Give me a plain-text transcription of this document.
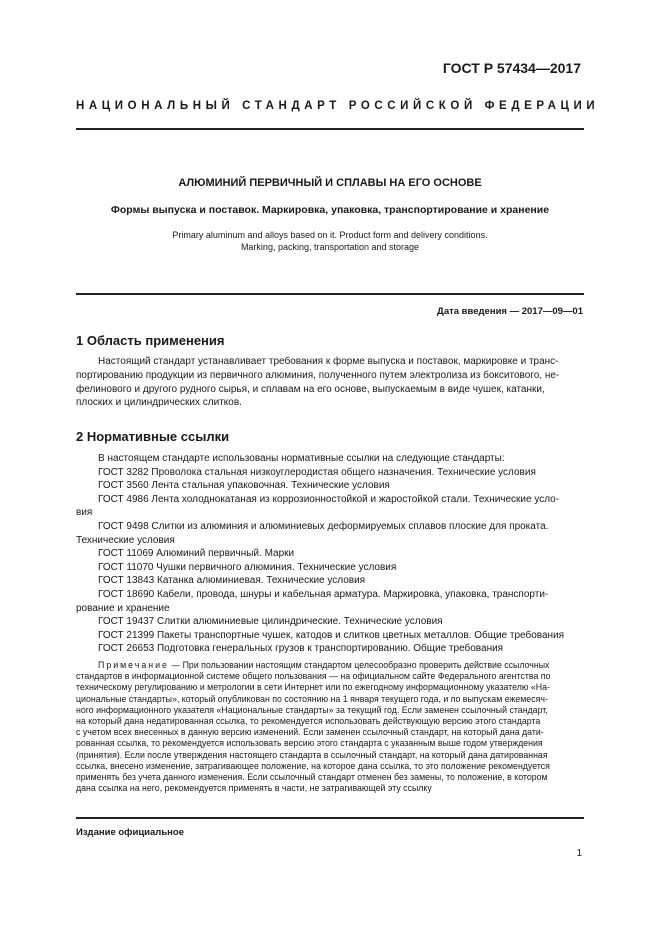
ГОСТ Р 57434—2017
НАЦИОНАЛЬНЫЙ СТАНДАРТ РОССИЙСКОЙ ФЕДЕРАЦИИ
АЛЮМИНИЙ ПЕРВИЧНЫЙ И СПЛАВЫ НА ЕГО ОСНОВЕ
Формы выпуска и поставок. Маркировка, упаковка, транспортирование и хранение
Primary aluminum and alloys based on it. Product form and delivery conditions.
Marking, packing, transportation and storage
Дата введения — 2017—09—01
1 Область применения
Настоящий стандарт устанавливает требования к форме выпуска и поставок, маркировке и транс-
портированию продукции из первичного алюминия, полученного путем электролиза из бокситового, не-
фелинового и другого рудного сырья, и сплавам на его основе, выпускаемым в виде чушек, катанки,
плоских и цилиндрических слитков.
2 Нормативные ссылки
В настоящем стандарте использованы нормативные ссылки на следующие стандарты:
ГОСТ 3282 Проволока стальная низкоуглеродистая общего назначения. Технические условия
ГОСТ 3560 Лента стальная упаковочная. Технические условия
ГОСТ 4986 Лента холоднокатаная из коррозионностойкой и жаростойкой стали. Технические усло-
вия
ГОСТ 9498 Слитки из алюминия и алюминиевых деформируемых сплавов плоские для проката.
Технические условия
ГОСТ 11069 Алюминий первичный. Марки
ГОСТ 11070 Чушки первичного алюминия. Технические условия
ГОСТ 13843 Катанка алюминиевая. Технические условия
ГОСТ 18690 Кабели, провода, шнуры и кабельная арматура. Маркировка, упаковка, транспорти-
рование и хранение
ГОСТ 19437 Слитки алюминиевые цилиндрические. Технические условия
ГОСТ 21399 Пакеты транспортные чушек, катодов и слитков цветных металлов. Общие требования
ГОСТ 26653 Подготовка генеральных грузов к транспортированию. Общие требования
Примечание — При пользовании настоящим стандартом целесообразно проверить действие ссылочных
стандартов в информационной системе общего пользования — на официальном сайте Федерального агентства по
техническому регулированию и метрологии в сети Интернет или по ежегодному информационному указателю «На-
циональные стандарты», который опубликован по состоянию на 1 января текущего года, и по выпускам ежемесяч-
ного информационного указателя «Национальные стандарты» за текущий год. Если заменен ссылочный стандарт,
на который дана недатированная ссылка, то рекомендуется использовать действующую версию этого стандарта
с учетом всех внесенных в данную версию изменений. Если заменен ссылочный стандарт, на который дана дати-
рованная ссылка, то рекомендуется использовать версию этого стандарта с указанным выше годом утверждения
(принятия). Если после утверждения настоящего стандарта в ссылочный стандарт, на который дана датированная
ссылка, внесено изменение, затрагивающее положение, на которое дана ссылка, то это положение рекомендуется
применять без учета данного изменения. Если ссылочный стандарт отменен без замены, то положение, в котором
дана ссылка на него, рекомендуется применять в части, не затрагивающей эту ссылку
Издание официальное
1
